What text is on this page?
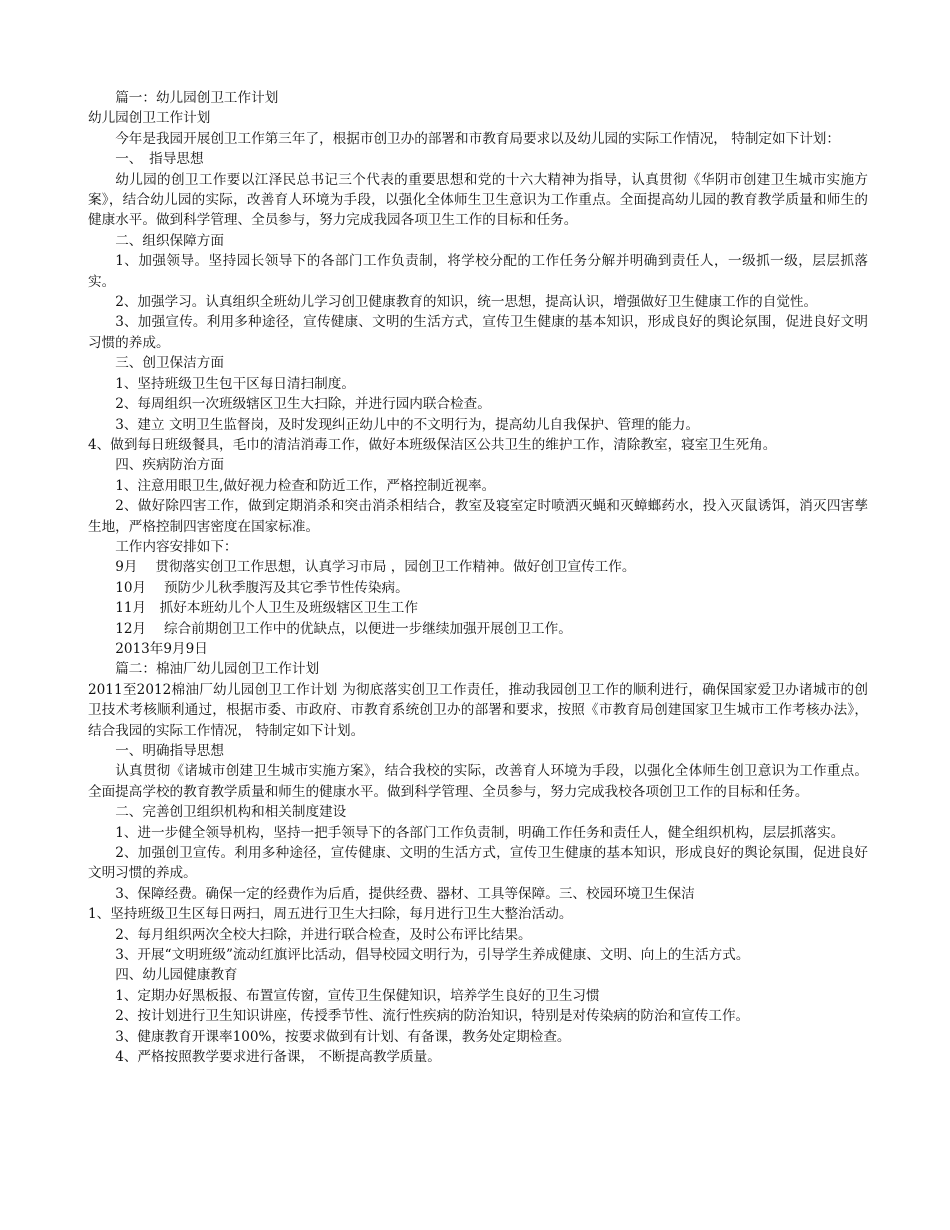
篇一：幼儿园创卫工作计划

幼儿园创卫工作计划

今年是我园开展创卫工作第三年了，根据市创卫办的部署和市教育局要求以及幼儿园的实际工作情况， 特制定如下计划：

一、　指导思想

幼儿园的创卫工作要以江泽民总书记三个代表的重要思想和党的十六大精神为指导，认真贯彻《华阴市创建卫生城市实施方案》，结合幼儿园的实际，改善育人环境为手段，以强化全体师生卫生意识为工作重点。全面提高幼儿园的教育教学质量和师生的健康水平。做到科学管理、全员参与，努力完成我园各项卫生工作的目标和任务。

二、组织保障方面

1、加强领导。坚持园长领导下的各部门工作负责制，将学校分配的工作任务分解并明确到责任人，一级抓一级，层层抓落实。

2、加强学习。认真组织全班幼儿学习创卫健康教育的知识，统一思想，提高认识，增强做好卫生健康工作的自觉性。

3、加强宣传。利用多种途径，宣传健康、文明的生活方式，宣传卫生健康的基本知识，形成良好的舆论氛围，促进良好文明习惯的养成。

三、创卫保洁方面

1、坚持班级卫生包干区每日清扫制度。

2、每周组织一次班级辖区卫生大扫除，并进行园内联合检查。

3、建立 文明卫生监督岗，及时发现纠正幼儿中的不文明行为，提高幼儿自我保护、管理的能力。

4、做到每日班级餐具，毛巾的清洁消毒工作，做好本班级保洁区公共卫生的维护工作，清除教室，寝室卫生死角。

四、疾病防治方面

1、注意用眼卫生,做好视力检查和防近工作，严格控制近视率。

2、做好除四害工作，做到定期消杀和突击消杀相结合，教室及寝室定时喷洒灭蝇和灭蟑螂药水，投入灭鼠诱饵，消灭四害孳生地，严格控制四害密度在国家标准。

工作内容安排如下：

9月　 贯彻落实创卫工作思想，认真学习市局 ，园创卫工作精神。做好创卫宣传工作。

10月　 预防少儿秋季腹泻及其它季节性传染病。

11月　抓好本班幼儿个人卫生及班级辖区卫生工作

12月　 综合前期创卫工作中的优缺点，以便进一步继续加强开展创卫工作。

2013年9月9日

篇二：棉油厂幼儿园创卫工作计划

2011至2012棉油厂幼儿园创卫工作计划 为彻底落实创卫工作责任，推动我园创卫工作的顺利进行，确保国家爱卫办诸城市的创卫技术考核顺利通过，根据市委、市政府、市教育系统创卫办的部署和要求，按照《市教育局创建国家卫生城市工作考核办法》，结合我园的实际工作情况， 特制定如下计划。

一、明确指导思想

认真贯彻《诸城市创建卫生城市实施方案》，结合我校的实际，改善育人环境为手段，以强化全体师生创卫意识为工作重点。全面提高学校的教育教学质量和师生的健康水平。做到科学管理、全员参与，努力完成我校各项创卫工作的目标和任务。

二、完善创卫组织机构和相关制度建设

1、进一步健全领导机构，坚持一把手领导下的各部门工作负责制，明确工作任务和责任人，健全组织机构，层层抓落实。

2、加强创卫宣传。利用多种途径，宣传健康、文明的生活方式，宣传卫生健康的基本知识，形成良好的舆论氛围，促进良好文明习惯的养成。

3、保障经费。确保一定的经费作为后盾，提供经费、器材、工具等保障。三、校园环境卫生保洁

1、坚持班级卫生区每日两扫，周五进行卫生大扫除，每月进行卫生大整治活动。

2、每月组织两次全校大扫除，并进行联合检查，及时公布评比结果。

3、开展“文明班级”流动红旗评比活动，倡导校园文明行为，引导学生养成健康、文明、向上的生活方式。

四、幼儿园健康教育

1、定期办好黑板报、布置宣传窗，宣传卫生保健知识，培养学生良好的卫生习惯

2、按计划进行卫生知识讲座，传授季节性、流行性疾病的防治知识，特别是对传染病的防治和宣传工作。

3、健康教育开课率100%，按要求做到有计划、有备课，教务处定期检查。

4、严格按照教学要求进行备课， 不断提高教学质量。
